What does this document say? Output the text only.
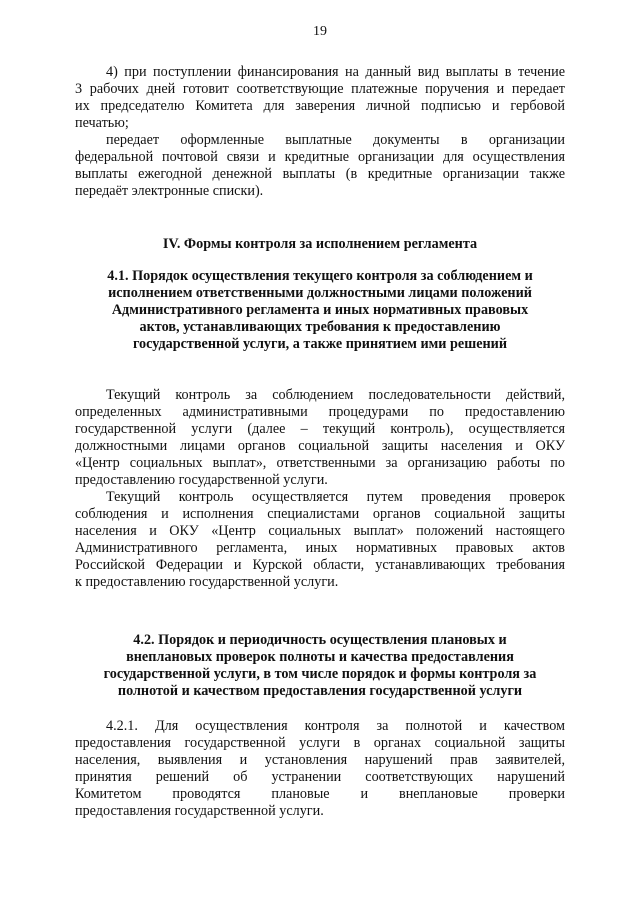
19
4) при поступлении финансирования на данный вид выплаты в течение
3 рабочих дней готовит соответствующие платежные поручения и передает
их председателю Комитета для заверения личной подписью и гербовой
печатью;
передает оформленные выплатные документы в организации
федеральной почтовой связи и кредитные организации для осуществления
выплаты ежегодной денежной выплаты (в кредитные организации также
передаёт электронные списки).
IV. Формы контроля за исполнением регламента
4.1. Порядок осуществления текущего контроля за соблюдением и
исполнением ответственными должностными лицами положений
Административного регламента и иных нормативных правовых
актов, устанавливающих требования к предоставлению
государственной услуги, а также принятием ими решений
Текущий контроль за соблюдением последовательности действий,
определенных административными процедурами по предоставлению
государственной услуги (далее – текущий контроль), осуществляется
должностными лицами органов социальной защиты населения и ОКУ
«Центр социальных выплат», ответственными за организацию работы по
предоставлению государственной услуги.
Текущий контроль осуществляется путем проведения проверок
соблюдения и исполнения специалистами органов социальной защиты
населения и ОКУ «Центр социальных выплат» положений настоящего
Административного регламента, иных нормативных правовых актов
Российской Федерации и Курской области, устанавливающих требования
к предоставлению государственной услуги.
4.2. Порядок и периодичность осуществления плановых и
внеплановых проверок полноты и качества предоставления
государственной услуги, в том числе порядок и формы контроля за
полнотой и качеством предоставления государственной услуги
4.2.1. Для осуществления контроля за полнотой и качеством
предоставления государственной услуги в органах социальной защиты
населения, выявления и установления нарушений прав заявителей,
принятия решений об устранении соответствующих нарушений
Комитетом проводятся плановые и внеплановые проверки
предоставления государственной услуги.
